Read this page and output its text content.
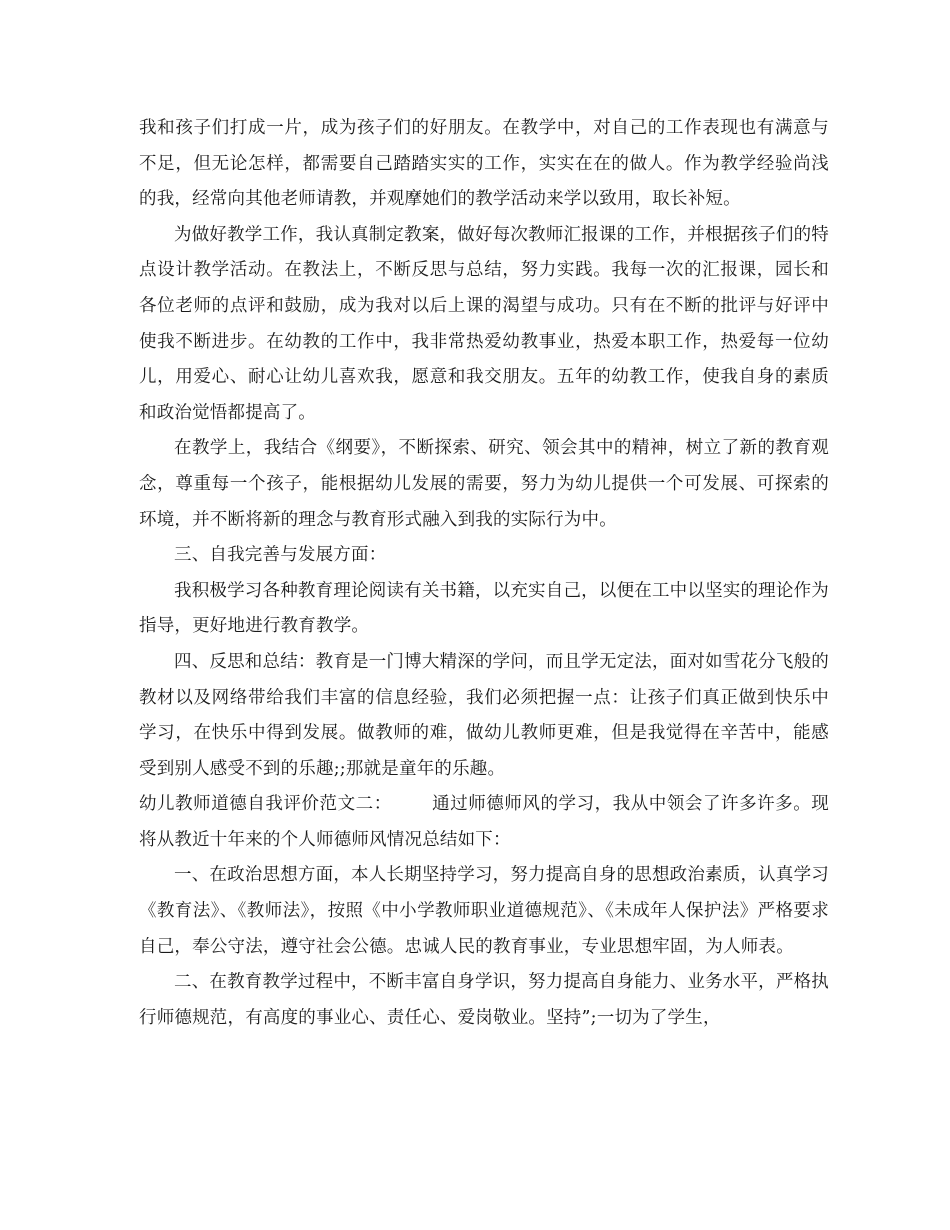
我和孩子们打成一片，成为孩子们的好朋友。在教学中，对自己的工作表现也有满意与不足，但无论怎样，都需要自己踏踏实实的工作，实实在在的做人。作为教学经验尚浅的我，经常向其他老师请教，并观摩她们的教学活动来学以致用，取长补短。

为做好教学工作，我认真制定教案，做好每次教师汇报课的工作，并根据孩子们的特点设计教学活动。在教法上，不断反思与总结，努力实践。我每一次的汇报课，园长和各位老师的点评和鼓励，成为我对以后上课的渴望与成功。只有在不断的批评与好评中使我不断进步。在幼教的工作中，我非常热爱幼教事业，热爱本职工作，热爱每一位幼儿，用爱心、耐心让幼儿喜欢我，愿意和我交朋友。五年的幼教工作，使我自身的素质和政治觉悟都提高了。

在教学上，我结合《纲要》，不断探索、研究、领会其中的精神，树立了新的教育观念，尊重每一个孩子，能根据幼儿发展的需要，努力为幼儿提供一个可发展、可探索的环境，并不断将新的理念与教育形式融入到我的实际行为中。

三、自我完善与发展方面：

我积极学习各种教育理论阅读有关书籍，以充实自己，以便在工中以坚实的理论作为指导，更好地进行教育教学。

四、反思和总结：教育是一门博大精深的学问，而且学无定法，面对如雪花分飞般的教材以及网络带给我们丰富的信息经验，我们必须把握一点：让孩子们真正做到快乐中学习，在快乐中得到发展。做教师的难，做幼儿教师更难，但是我觉得在辛苦中，能感受到别人感受不到的乐趣;;那就是童年的乐趣。

幼儿教师道德自我评价范文二： 通过师德师风的学习，我从中领会了许多许多。现将从教近十年来的个人师德师风情况总结如下：

一、在政治思想方面，本人长期坚持学习，努力提高自身的思想政治素质，认真学习《教育法》、《教师法》，按照《中小学教师职业道德规范》、《未成年人保护法》严格要求自己，奉公守法，遵守社会公德。忠诚人民的教育事业，专业思想牢固，为人师表。

二、在教育教学过程中，不断丰富自身学识，努力提高自身能力、业务水平，严格执行师德规范，有高度的事业心、责任心、爱岗敬业。坚持”;一切为了学生，
